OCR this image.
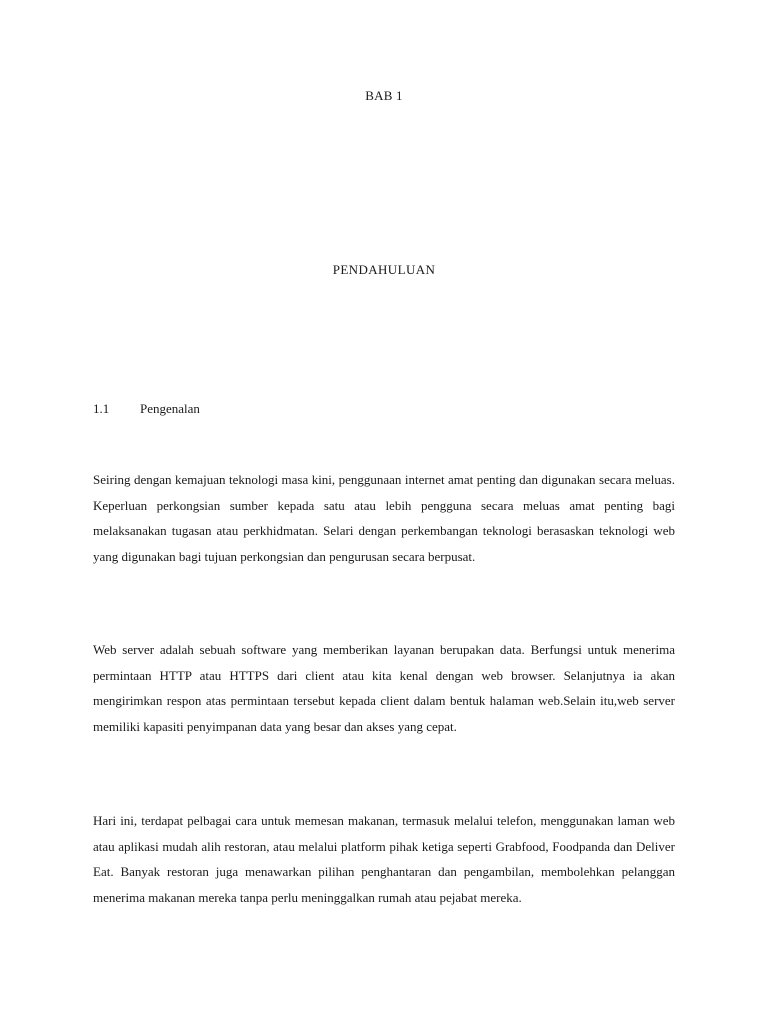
BAB 1
PENDAHULUAN
1.1 Pengenalan

Seiring dengan kemajuan teknologi masa kini, penggunaan internet amat penting dan digunakan secara meluas. Keperluan perkongsian sumber kepada satu atau lebih pengguna secara meluas amat penting bagi melaksanakan tugasan atau perkhidmatan. Selari dengan perkembangan teknologi berasaskan teknologi web yang digunakan bagi tujuan perkongsian dan pengurusan secara berpusat.

Web server adalah sebuah software yang memberikan layanan berupakan data. Berfungsi untuk menerima permintaan HTTP atau HTTPS dari client atau kita kenal dengan web browser. Selanjutnya ia akan mengirimkan respon atas permintaan tersebut kepada client dalam bentuk halaman web.Selain itu,web server memiliki kapasiti penyimpanan data yang besar dan akses yang cepat.

Hari ini, terdapat pelbagai cara untuk memesan makanan, termasuk melalui telefon, menggunakan laman web atau aplikasi mudah alih restoran, atau melalui platform pihak ketiga seperti Grabfood, Foodpanda dan Deliver Eat. Banyak restoran juga menawarkan pilihan penghantaran dan pengambilan, membolehkan pelanggan menerima makanan mereka tanpa perlu meninggalkan rumah atau pejabat mereka.
